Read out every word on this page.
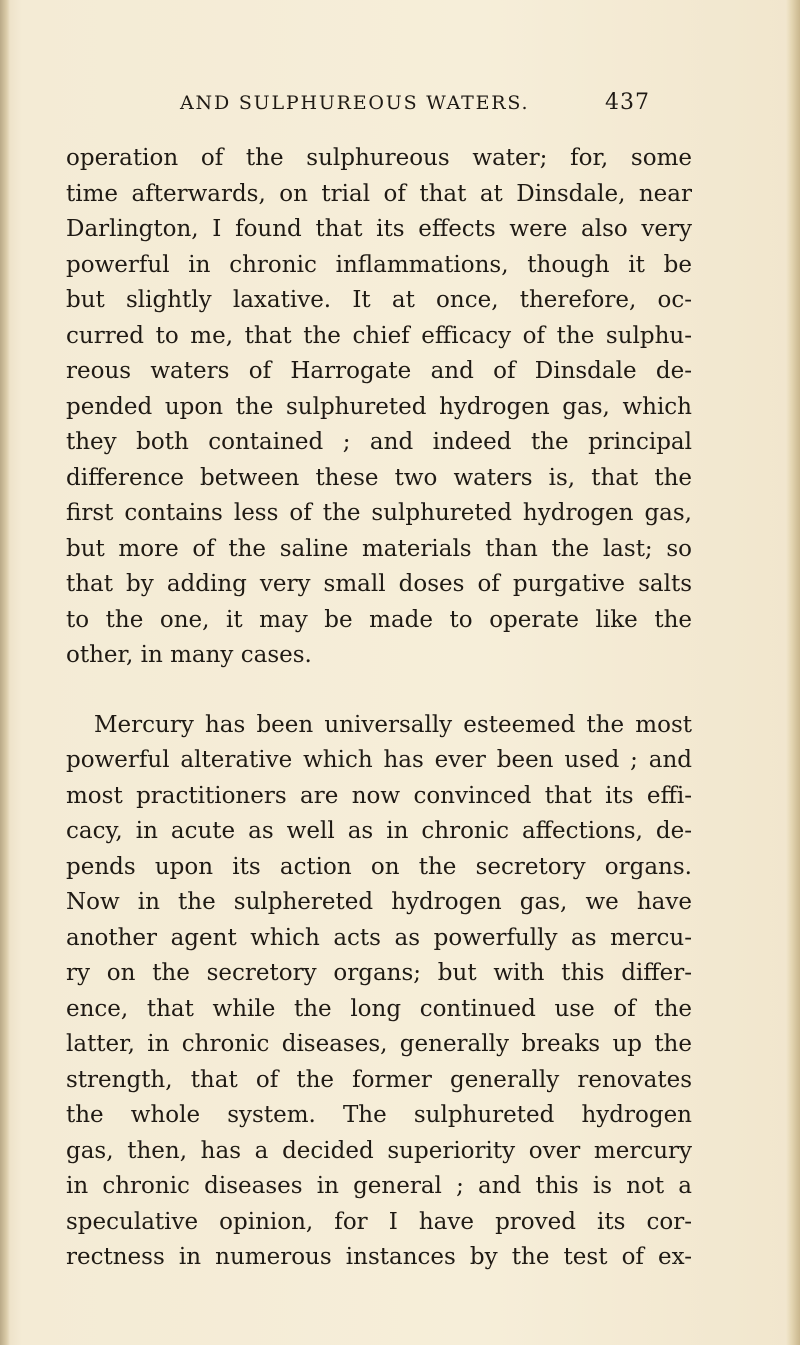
AND SULPHUREOUS WATERS.	437
operation of the sulphureous water; for, some
time afterwards, on trial of that at Dinsdale, near
Darlington, I found that its effects were also very
powerful in chronic inflammations, though it be
but slightly laxative. It at once, therefore, oc-
curred to me, that the chief efficacy of the sulphu-
reous waters of Harrogate and of Dinsdale de-
pended upon the sulphureted hydrogen gas, which
they both contained ; and indeed the principal
difference between these two waters is, that the
first contains less of the sulphureted hydrogen gas,
but more of the saline materials than the last; so
that by adding very small doses of purgative salts
to the one, it may be made to operate like the
other, in many cases.
Mercury has been universally esteemed the most
powerful alterative which has ever been used ; and
most practitioners are now convinced that its effi-
cacy, in acute as well as in chronic affections, de-
pends upon its action on the secretory organs.
Now in the sulphereted hydrogen gas, we have
another agent which acts as powerfully as mercu-
ry on the secretory organs; but with this differ-
ence, that while the long continued use of the
latter, in chronic diseases, generally breaks up the
strength, that of the former generally renovates
the whole system. The sulphureted hydrogen
gas, then, has a decided superiority over mercury
in chronic diseases in general ; and this is not a
speculative opinion, for I have proved its cor-
rectness in numerous instances by the test of ex-
